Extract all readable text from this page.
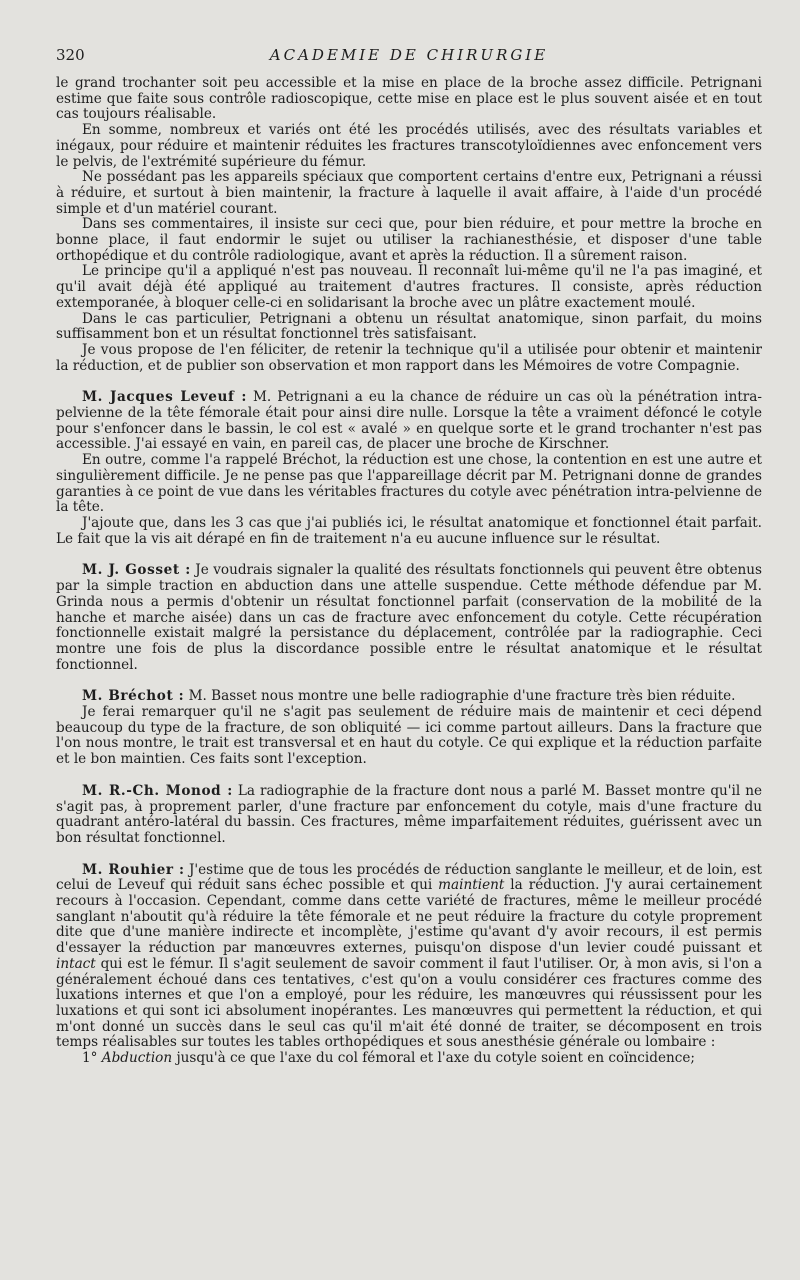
320	ACADEMIE DE CHIRURGIE

le grand trochanter soit peu accessible et la mise en place de la broche assez difficile. Petrignani estime que faite sous contrôle radioscopique, cette mise en place est le plus souvent aisée et en tout cas toujours réalisable.

En somme, nombreux et variés ont été les procédés utilisés, avec des résultats variables et inégaux, pour réduire et maintenir réduites les fractures transcotyloïdiennes avec enfoncement vers le pelvis, de l'extrémité supérieure du fémur.

Ne possédant pas les appareils spéciaux que comportent certains d'entre eux, Petrignani a réussi à réduire, et surtout à bien maintenir, la fracture à laquelle il avait affaire, à l'aide d'un procédé simple et d'un matériel courant.

Dans ses commentaires, il insiste sur ceci que, pour bien réduire, et pour mettre la broche en bonne place, il faut endormir le sujet ou utiliser la rachianesthésie, et disposer d'une table orthopédique et du contrôle radiologique, avant et après la réduction. Il a sûrement raison.

Le principe qu'il a appliqué n'est pas nouveau. Il reconnaît lui-même qu'il ne l'a pas imaginé, et qu'il avait déjà été appliqué au traitement d'autres fractures. Il consiste, après réduction extemporanée, à bloquer celle-ci en solidarisant la broche avec un plâtre exactement moulé.

Dans le cas particulier, Petrignani a obtenu un résultat anatomique, sinon parfait, du moins suffisamment bon et un résultat fonctionnel très satisfaisant.

Je vous propose de l'en féliciter, de retenir la technique qu'il a utilisée pour obtenir et maintenir la réduction, et de publier son observation et mon rapport dans les Mémoires de votre Compagnie.

M. Jacques Leveuf : M. Petrignani a eu la chance de réduire un cas où la pénétration intra-pelvienne de la tête fémorale était pour ainsi dire nulle. Lorsque la tête a vraiment défoncé le cotyle pour s'enfoncer dans le bassin, le col est « avalé » en quelque sorte et le grand trochanter n'est pas accessible. J'ai essayé en vain, en pareil cas, de placer une broche de Kirschner.

En outre, comme l'a rappelé Bréchot, la réduction est une chose, la contention en est une autre et singulièrement difficile. Je ne pense pas que l'appareillage décrit par M. Petrignani donne de grandes garanties à ce point de vue dans les véritables fractures du cotyle avec pénétration intra-pelvienne de la tête.

J'ajoute que, dans les 3 cas que j'ai publiés ici, le résultat anatomique et fonctionnel était parfait. Le fait que la vis ait dérapé en fin de traitement n'a eu aucune influence sur le résultat.

M. J. Gosset : Je voudrais signaler la qualité des résultats fonctionnels qui peuvent être obtenus par la simple traction en abduction dans une attelle suspendue. Cette méthode défendue par M. Grinda nous a permis d'obtenir un résultat fonctionnel parfait (conservation de la mobilité de la hanche et marche aisée) dans un cas de fracture avec enfoncement du cotyle. Cette récupération fonctionnelle existait malgré la persistance du déplacement, contrôlée par la radiographie. Ceci montre une fois de plus la discordance possible entre le résultat anatomique et le résultat fonctionnel.

M. Bréchot : M. Basset nous montre une belle radiographie d'une fracture très bien réduite.

Je ferai remarquer qu'il ne s'agit pas seulement de réduire mais de maintenir et ceci dépend beaucoup du type de la fracture, de son obliquité — ici comme partout ailleurs. Dans la fracture que l'on nous montre, le trait est transversal et en haut du cotyle. Ce qui explique et la réduction parfaite et le bon maintien. Ces faits sont l'exception.

M. R.-Ch. Monod : La radiographie de la fracture dont nous a parlé M. Basset montre qu'il ne s'agit pas, à proprement parler, d'une fracture par enfoncement du cotyle, mais d'une fracture du quadrant antéro-latéral du bassin. Ces fractures, même imparfaitement réduites, guérissent avec un bon résultat fonctionnel.

M. Rouhier : J'estime que de tous les procédés de réduction sanglante le meilleur, et de loin, est celui de Leveuf qui réduit sans échec possible et qui maintient la réduction. J'y aurai certainement recours à l'occasion. Cependant, comme dans cette variété de fractures, même le meilleur procédé sanglant n'aboutit qu'à réduire la tête fémorale et ne peut réduire la fracture du cotyle proprement dite que d'une manière indirecte et incomplète, j'estime qu'avant d'y avoir recours, il est permis d'essayer la réduction par manœuvres externes, puisqu'on dispose d'un levier coudé puissant et intact qui est le fémur. Il s'agit seulement de savoir comment il faut l'utiliser. Or, à mon avis, si l'on a généralement échoué dans ces tentatives, c'est qu'on a voulu considérer ces fractures comme des luxations internes et que l'on a employé, pour les réduire, les manœuvres qui réussissent pour les luxations et qui sont ici absolument inopérantes. Les manœuvres qui permettent la réduction, et qui m'ont donné un succès dans le seul cas qu'il m'ait été donné de traiter, se décomposent en trois temps réalisables sur toutes les tables orthopédiques et sous anesthésie générale ou lombaire :

1° Abduction jusqu'à ce que l'axe du col fémoral et l'axe du cotyle soient en coïncidence;
